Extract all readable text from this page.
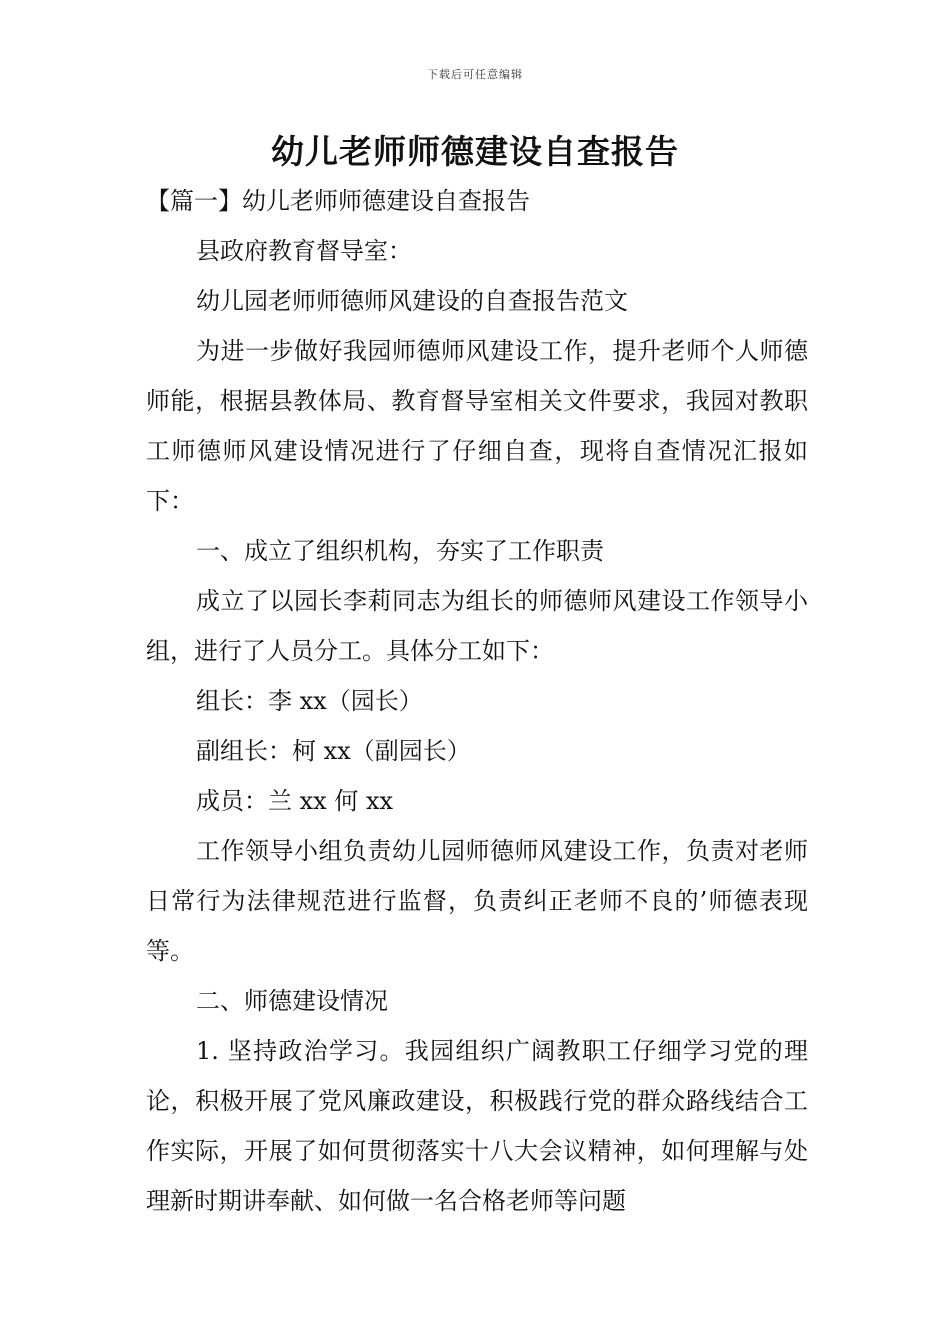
下载后可任意编辑
幼儿老师师德建设自查报告

【篇一】幼儿老师师德建设自查报告

县政府教育督导室：

幼儿园老师师德师风建设的自查报告范文

为进一步做好我园师德师风建设工作，提升老师个人师德师能，根据县教体局、教育督导室相关文件要求，我园对教职工师德师风建设情况进行了仔细自查，现将自查情况汇报如下：

一、成立了组织机构，夯实了工作职责

成立了以园长李莉同志为组长的师德师风建设工作领导小组，进行了人员分工。具体分工如下：

组长：李 xx（园长）

副组长：柯 xx（副园长）

成员：兰 xx 何 xx

工作领导小组负责幼儿园师德师风建设工作，负责对老师日常行为法律规范进行监督，负责纠正老师不良的’师德表现等。

二、师德建设情况

1. 坚持政治学习。我园组织广阔教职工仔细学习党的理论，积极开展了党风廉政建设，积极践行党的群众路线结合工作实际，开展了如何贯彻落实十八大会议精神，如何理解与处理新时期讲奉献、如何做一名合格老师等问题
